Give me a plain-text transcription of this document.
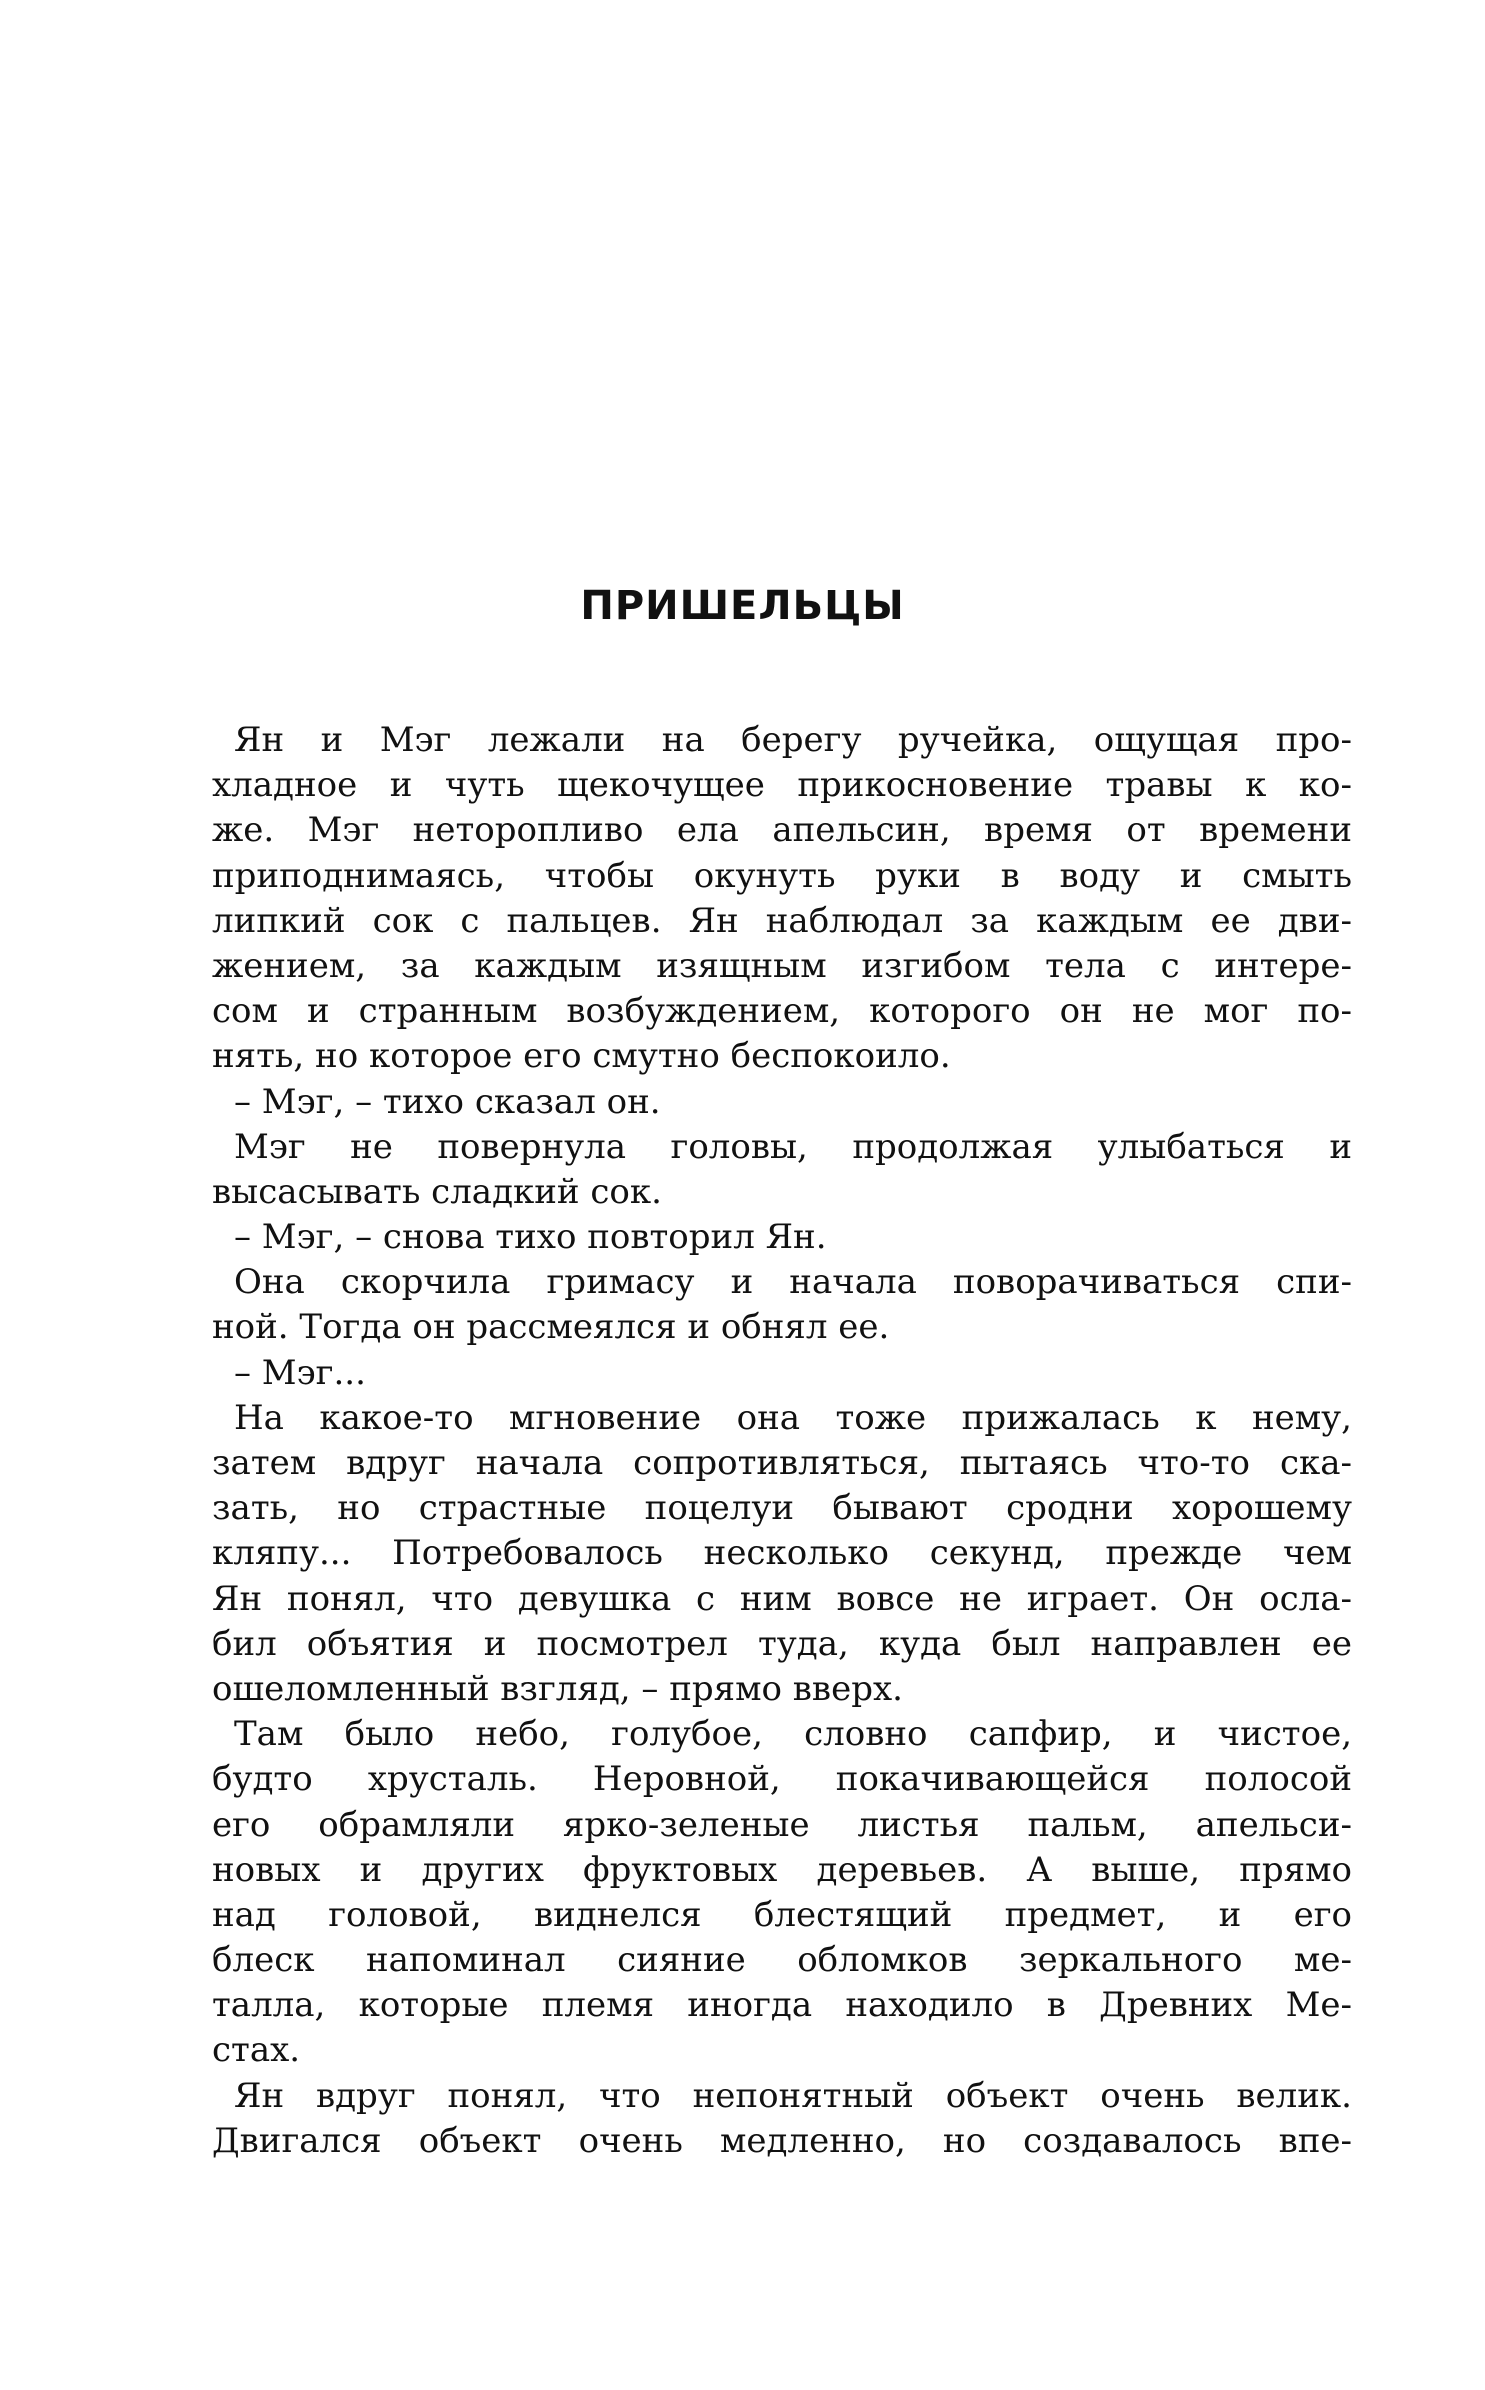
ПРИШЕЛЬЦЫ
Ян и Мэг лежали на берегу ручейка, ощущая про-
хладное и чуть щекочущее прикосновение травы к ко-
же. Мэг неторопливо ела апельсин, время от времени
приподнимаясь, чтобы окунуть руки в воду и смыть
липкий сок с пальцев. Ян наблюдал за каждым ее дви-
жением, за каждым изящным изгибом тела с интере-
сом и странным возбуждением, которого он не мог по-
нять, но которое его смутно беспокоило.
– Мэг, – тихо сказал он.
Мэг не повернула головы, продолжая улыбаться и
высасывать сладкий сок.
– Мэг, – снова тихо повторил Ян.
Она скорчила гримасу и начала поворачиваться спи-
ной. Тогда он рассмеялся и обнял ее.
– Мэг...
На какое-то мгновение она тоже прижалась к нему,
затем вдруг начала сопротивляться, пытаясь что-то ска-
зать, но страстные поцелуи бывают сродни хорошему
кляпу... Потребовалось несколько секунд, прежде чем
Ян понял, что девушка с ним вовсе не играет. Он осла-
бил объятия и посмотрел туда, куда был направлен ее
ошеломленный взгляд, – прямо вверх.
Там было небо, голубое, словно сапфир, и чистое,
будто хрусталь. Неровной, покачивающейся полосой
его обрамляли ярко-зеленые листья пальм, апельси-
новых и других фруктовых деревьев. А выше, прямо
над головой, виднелся блестящий предмет, и его
блеск напоминал сияние обломков зеркального ме-
талла, которые племя иногда находило в Древних Ме-
стах.
Ян вдруг понял, что непонятный объект очень велик.
Двигался объект очень медленно, но создавалось впе-
